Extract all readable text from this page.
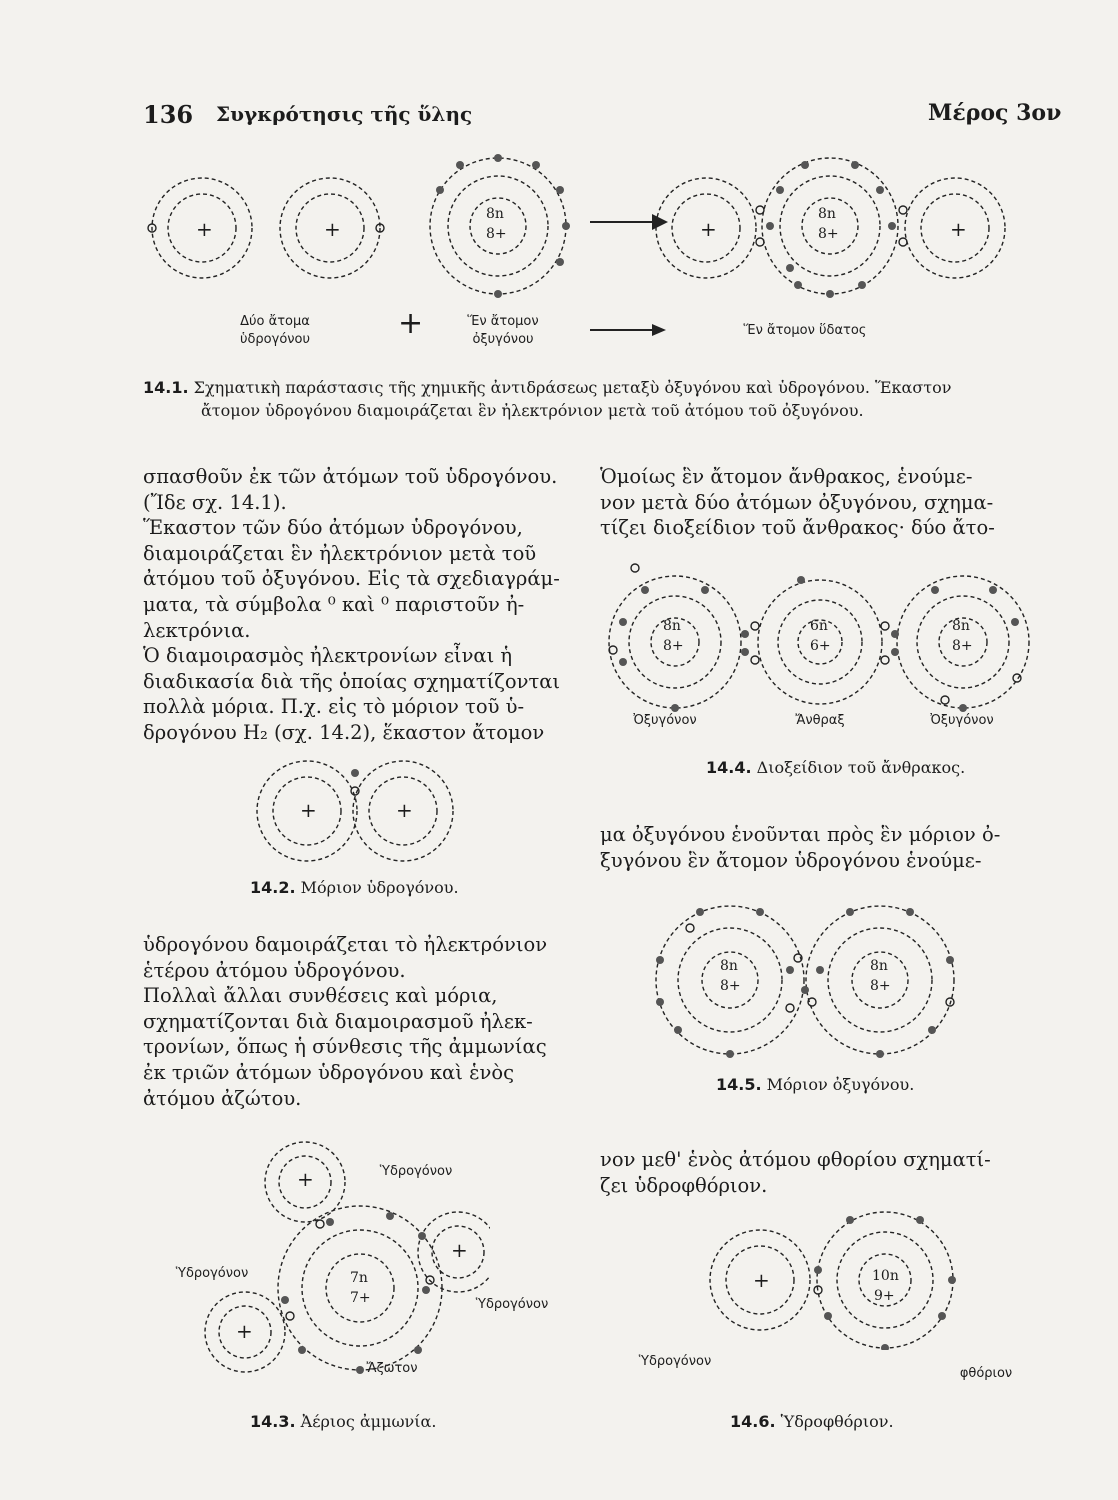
136 Συγκρότησις τῆς ὕλης	Μέρος 3ον
+	+
8n
8+	+
8n
8+	+
Δύο ἄτομα
ὑδρογόνου	+	Ἕν ἄτομον
ὀξυγόνου
Ἕν ἄτομον ὕδατος
14.1. Σχηματικὴ παράστασις τῆς χημικῆς ἀντιδράσεως μεταξὺ ὀξυγόνου καὶ ὑδρογόνου. Ἕκαστον
ἄτομον ὑδρογόνου διαμοιράζεται ἓν ἠλεκτρόνιον μετὰ τοῦ ἀτόμου τοῦ ὀξυγόνου.

σπασθοῦν ἐκ τῶν ἀτόμων τοῦ ὑδρογόνου.

(Ἴδε σχ. 14.1).

Ἕκαστον τῶν δύο ἀτόμων ὑδρογόνου,

διαμοιράζεται ἓν ἠλεκτρόνιον μετὰ τοῦ

ἀτόμου τοῦ ὀξυγόνου. Εἰς τὰ σχεδιαγράμ-

ματα, τὰ σύμβολα ⁰ καὶ ⁰ παριστοῦν ἠ-

λεκτρόνια.

Ὁ διαμοιρασμὸς ἠλεκτρονίων εἶναι ἡ

διαδικασία διὰ τῆς ὁποίας σχηματίζονται

πολλὰ μόρια. Π.χ. εἰς τὸ μόριον τοῦ ὑ-

δρογόνου H₂ (σχ. 14.2), ἕκαστον ἄτομον

+	+
14.2. Μόριον ὑδρογόνου.

ὑδρογόνου δαμοιράζεται τὸ ἠλεκτρόνιον

ἑτέρου ἀτόμου ὑδρογόνου.

Πολλαὶ ἄλλαι συνθέσεις καὶ μόρια,

σχηματίζονται διὰ διαμοιρασμοῦ ἠλεκ-

τρονίων, ὅπως ἡ σύνθεσις τῆς ἀμμωνίας

ἐκ τριῶν ἀτόμων ὑδρογόνου καὶ ἑνὸς

ἀτόμου ἀζώτου.

+
+
+
7n
7+
Ὑδρογόνον
Ὑδρογόνον
Ὑδρογόνον
Ἄζωτον
14.3. Ἀέριος ἀμμωνία.

Ὁμοίως ἓν ἄτομον ἄνθρακος, ἑνούμε-

νον μετὰ δύο ἀτόμων ὀξυγόνου, σχημα-

τίζει διοξείδιον τοῦ ἄνθρακος· δύο ἄτο-

8n
8+
6n
6+
8n
8+
Ὀξυγόνον	Ἄνθραξ	Ὀξυγόνον
14.4. Διοξείδιον τοῦ ἄνθρακος.

μα ὀξυγόνου ἑνοῦνται πρὸς ἓν μόριον ὀ-

ξυγόνου ἓν ἄτομον ὑδρογόνου ἑνούμε-

8n
8+
8n
8+
14.5. Μόριον ὀξυγόνου.

νον μεθ' ἑνὸς ἀτόμου φθορίου σχηματί-

ζει ὑδροφθόριον.

+	10n
9+
Ὑδρογόνον
φθόριον
14.6. Ὑδροφθόριον.
